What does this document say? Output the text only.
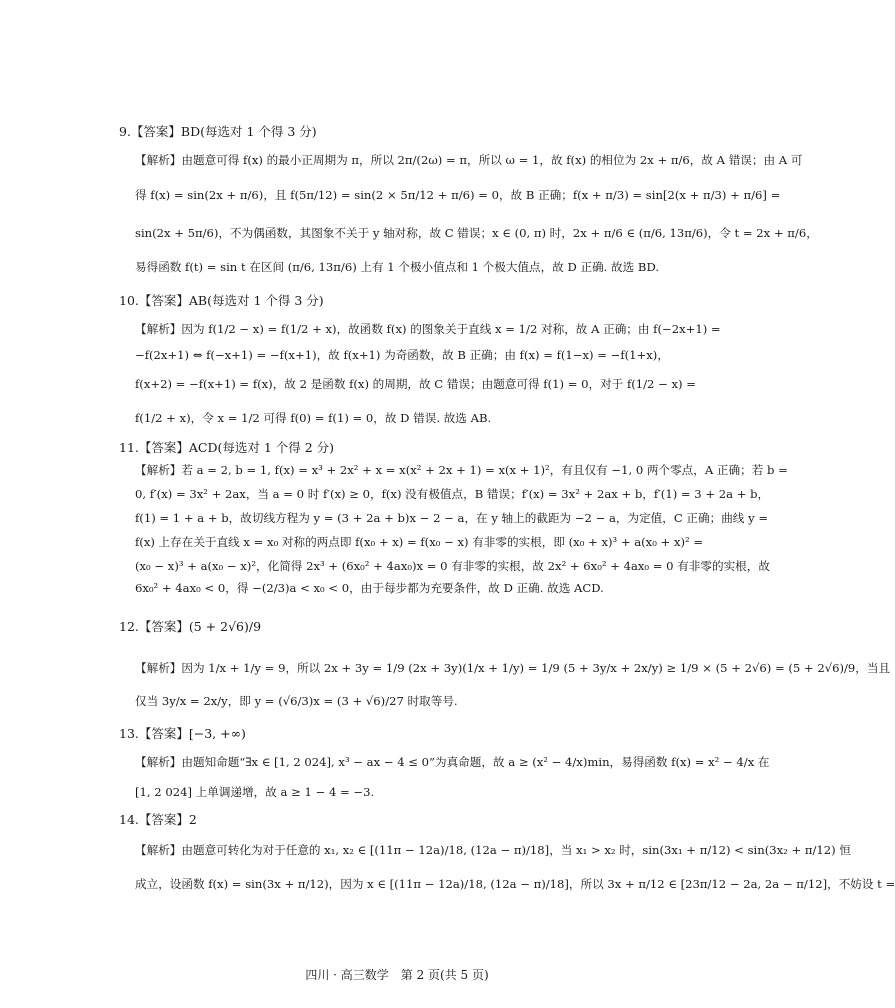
9.【答案】BD(每选对 1 个得 3 分)
【解析】由题意可得 f(x) 的最小正周期为 π，所以 2π/(2ω) = π，所以 ω = 1，故 f(x) 的相位为 2x + π/6，故 A 错误；由 A 可
得 f(x) = sin(2x + π/6)，且 f(5π/12) = sin(2 × 5π/12 + π/6) = 0，故 B 正确；f(x + π/3) = sin[2(x + π/3) + π/6] =
sin(2x + 5π/6)，不为偶函数，其图象不关于 y 轴对称，故 C 错误；x ∈ (0, π) 时，2x + π/6 ∈ (π/6, 13π/6)，令 t = 2x + π/6，
易得函数 f(t) = sin t 在区间 (π/6, 13π/6) 上有 1 个极小值点和 1 个极大值点，故 D 正确. 故选 BD.
10.【答案】AB(每选对 1 个得 3 分)
【解析】因为 f(1/2 − x) = f(1/2 + x)，故函数 f(x) 的图象关于直线 x = 1/2 对称，故 A 正确；由 f(−2x+1) =
−f(2x+1) ⇔ f(−x+1) = −f(x+1)，故 f(x+1) 为奇函数，故 B 正确；由 f(x) = f(1−x) = −f(1+x)，
f(x+2) = −f(x+1) = f(x)，故 2 是函数 f(x) 的周期，故 C 错误；由题意可得 f(1) = 0，对于 f(1/2 − x) =
f(1/2 + x)，令 x = 1/2 可得 f(0) = f(1) = 0，故 D 错误. 故选 AB.
11.【答案】ACD(每选对 1 个得 2 分)
【解析】若 a = 2, b = 1, f(x) = x³ + 2x² + x = x(x² + 2x + 1) = x(x + 1)²，有且仅有 −1, 0 两个零点，A 正确；若 b =
0, f′(x) = 3x² + 2ax，当 a = 0 时 f′(x) ≥ 0，f(x) 没有极值点，B 错误；f′(x) = 3x² + 2ax + b，f′(1) = 3 + 2a + b，
f(1) = 1 + a + b，故切线方程为 y = (3 + 2a + b)x − 2 − a，在 y 轴上的截距为 −2 − a，为定值，C 正确；曲线 y =
f(x) 上存在关于直线 x = x₀ 对称的两点即 f(x₀ + x) = f(x₀ − x) 有非零的实根，即 (x₀ + x)³ + a(x₀ + x)² =
(x₀ − x)³ + a(x₀ − x)²，化简得 2x³ + (6x₀² + 4ax₀)x = 0 有非零的实根，故 2x² + 6x₀² + 4ax₀ = 0 有非零的实根，故
6x₀² + 4ax₀ < 0，得 −(2/3)a < x₀ < 0，由于每步都为充要条件，故 D 正确. 故选 ACD.
12.【答案】(5 + 2√6)/9
【解析】因为 1/x + 1/y = 9，所以 2x + 3y = 1/9 (2x + 3y)(1/x + 1/y) = 1/9 (5 + 3y/x + 2x/y) ≥ 1/9 × (5 + 2√6) = (5 + 2√6)/9，当且
仅当 3y/x = 2x/y，即 y = (√6/3)x = (3 + √6)/27 时取等号.
13.【答案】[−3, +∞)
【解析】由题知命题“∃x ∈ [1, 2 024], x³ − ax − 4 ≤ 0”为真命题，故 a ≥ (x² − 4/x)min，易得函数 f(x) = x² − 4/x 在
[1, 2 024] 上单调递增，故 a ≥ 1 − 4 = −3.
14.【答案】2
【解析】由题意可转化为对于任意的 x₁, x₂ ∈ [(11π − 12a)/18, (12a − π)/18]，当 x₁ > x₂ 时，sin(3x₁ + π/12) < sin(3x₂ + π/12) 恒
成立，设函数 f(x) = sin(3x + π/12)，因为 x ∈ [(11π − 12a)/18, (12a − π)/18]，所以 3x + π/12 ∈ [23π/12 − 2a, 2a − π/12]，不妨设 t =
四川 · 高三数学　第 2 页(共 5 页)
